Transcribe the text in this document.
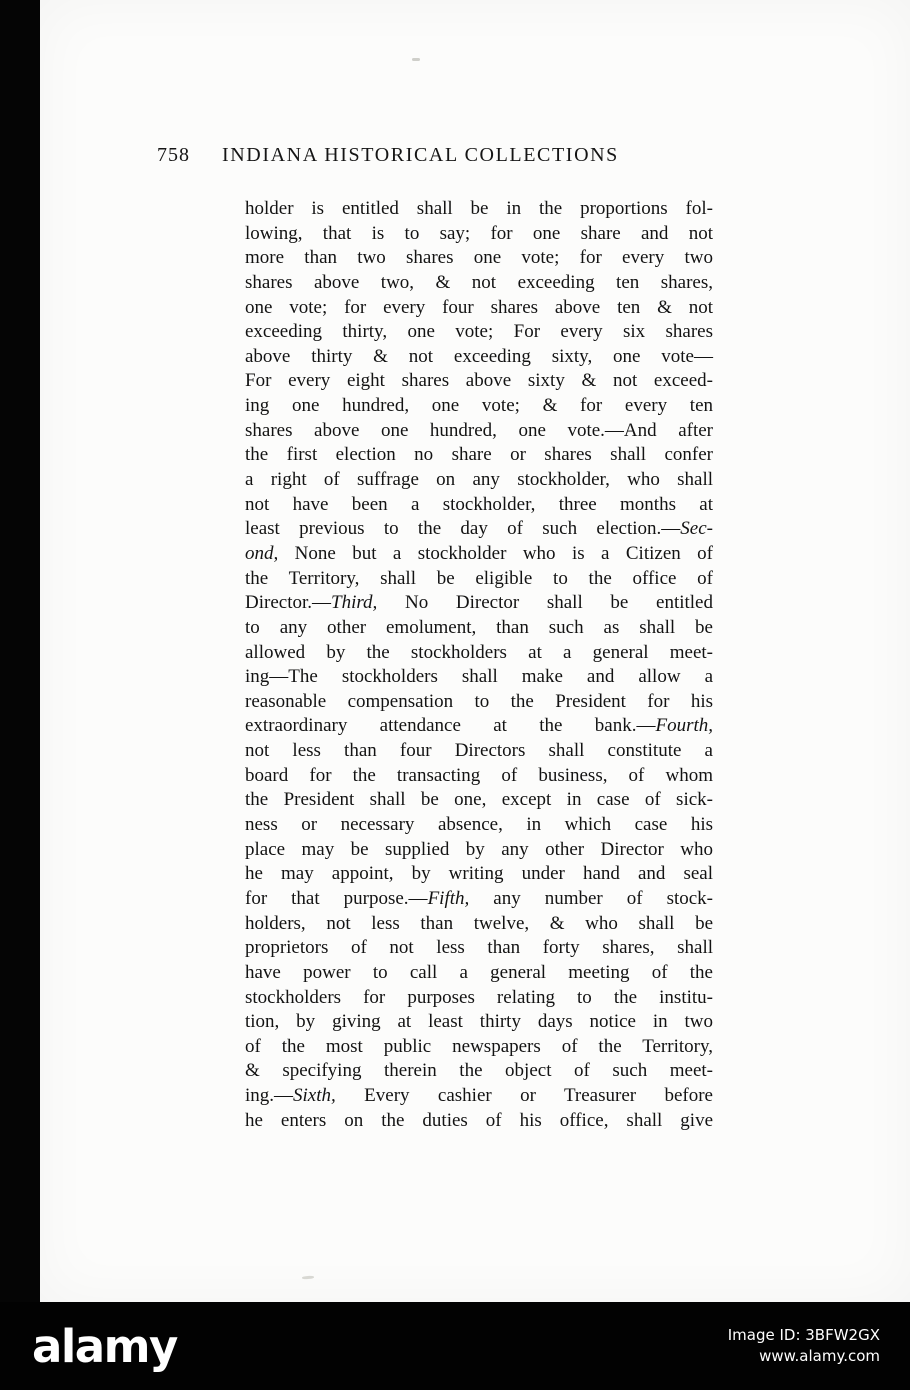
758 INDIANA HISTORICAL COLLECTIONS
holder is entitled shall be in the proportions fol-
lowing, that is to say; for one share and not
more than two shares one vote; for every two
shares above two, & not exceeding ten shares,
one vote; for every four shares above ten & not
exceeding thirty, one vote; For every six shares
above thirty & not exceeding sixty, one vote—
For every eight shares above sixty & not exceed-
ing one hundred, one vote; & for every ten
shares above one hundred, one vote.—And after
the first election no share or shares shall confer
a right of suffrage on any stockholder, who shall
not have been a stockholder, three months at
least previous to the day of such election.—Sec-
ond, None but a stockholder who is a Citizen of
the Territory, shall be eligible to the office of
Director.—Third, No Director shall be entitled
to any other emolument, than such as shall be
allowed by the stockholders at a general meet-
ing—The stockholders shall make and allow a
reasonable compensation to the President for his
extraordinary attendance at the bank.—Fourth,
not less than four Directors shall constitute a
board for the transacting of business, of whom
the President shall be one, except in case of sick-
ness or necessary absence, in which case his
place may be supplied by any other Director who
he may appoint, by writing under hand and seal
for that purpose.—Fifth, any number of stock-
holders, not less than twelve, & who shall be
proprietors of not less than forty shares, shall
have power to call a general meeting of the
stockholders for purposes relating to the institu-
tion, by giving at least thirty days notice in two
of the most public newspapers of the Territory,
& specifying therein the object of such meet-
ing.—Sixth, Every cashier or Treasurer before
he enters on the duties of his office, shall give
alamy	Image ID: 3BFW2GX
www.alamy.com
